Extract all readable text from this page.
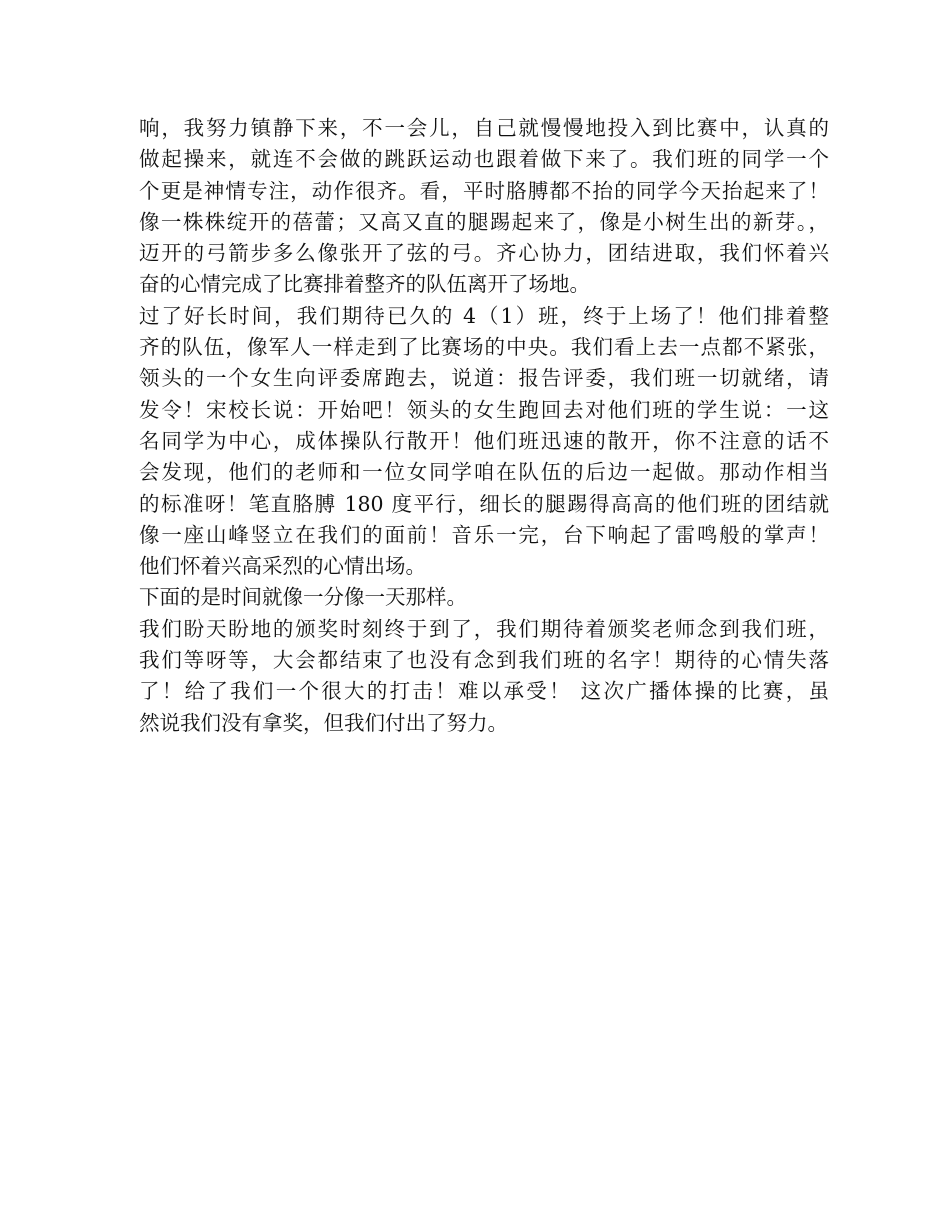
响，我努力镇静下来，不一会儿，自己就慢慢地投入到比赛中，认真的
做起操来，就连不会做的跳跃运动也跟着做下来了。我们班的同学一个
个更是神情专注，动作很齐。看，平时胳膊都不抬的同学今天抬起来了！
像一株株绽开的蓓蕾；又高又直的腿踢起来了，像是小树生出的新芽。，
迈开的弓箭步多么像张开了弦的弓。齐心协力，团结进取，我们怀着兴
奋的心情完成了比赛排着整齐的队伍离开了场地。
过了好长时间，我们期待已久的 4（1）班，终于上场了！他们排着整
齐的队伍，像军人一样走到了比赛场的中央。我们看上去一点都不紧张，
领头的一个女生向评委席跑去，说道：报告评委，我们班一切就绪，请
发令！宋校长说：开始吧！领头的女生跑回去对他们班的学生说：一这
名同学为中心，成体操队行散开！他们班迅速的散开，你不注意的话不
会发现，他们的老师和一位女同学咱在队伍的后边一起做。那动作相当
的标准呀！笔直胳膊 180 度平行，细长的腿踢得高高的他们班的团结就
像一座山峰竖立在我们的面前！音乐一完，台下响起了雷鸣般的掌声！
他们怀着兴高采烈的心情出场。
下面的是时间就像一分像一天那样。
我们盼天盼地的颁奖时刻终于到了，我们期待着颁奖老师念到我们班，
我们等呀等，大会都结束了也没有念到我们班的名字！期待的心情失落
了！给了我们一个很大的打击！难以承受！ 这次广播体操的比赛，虽
然说我们没有拿奖，但我们付出了努力。
